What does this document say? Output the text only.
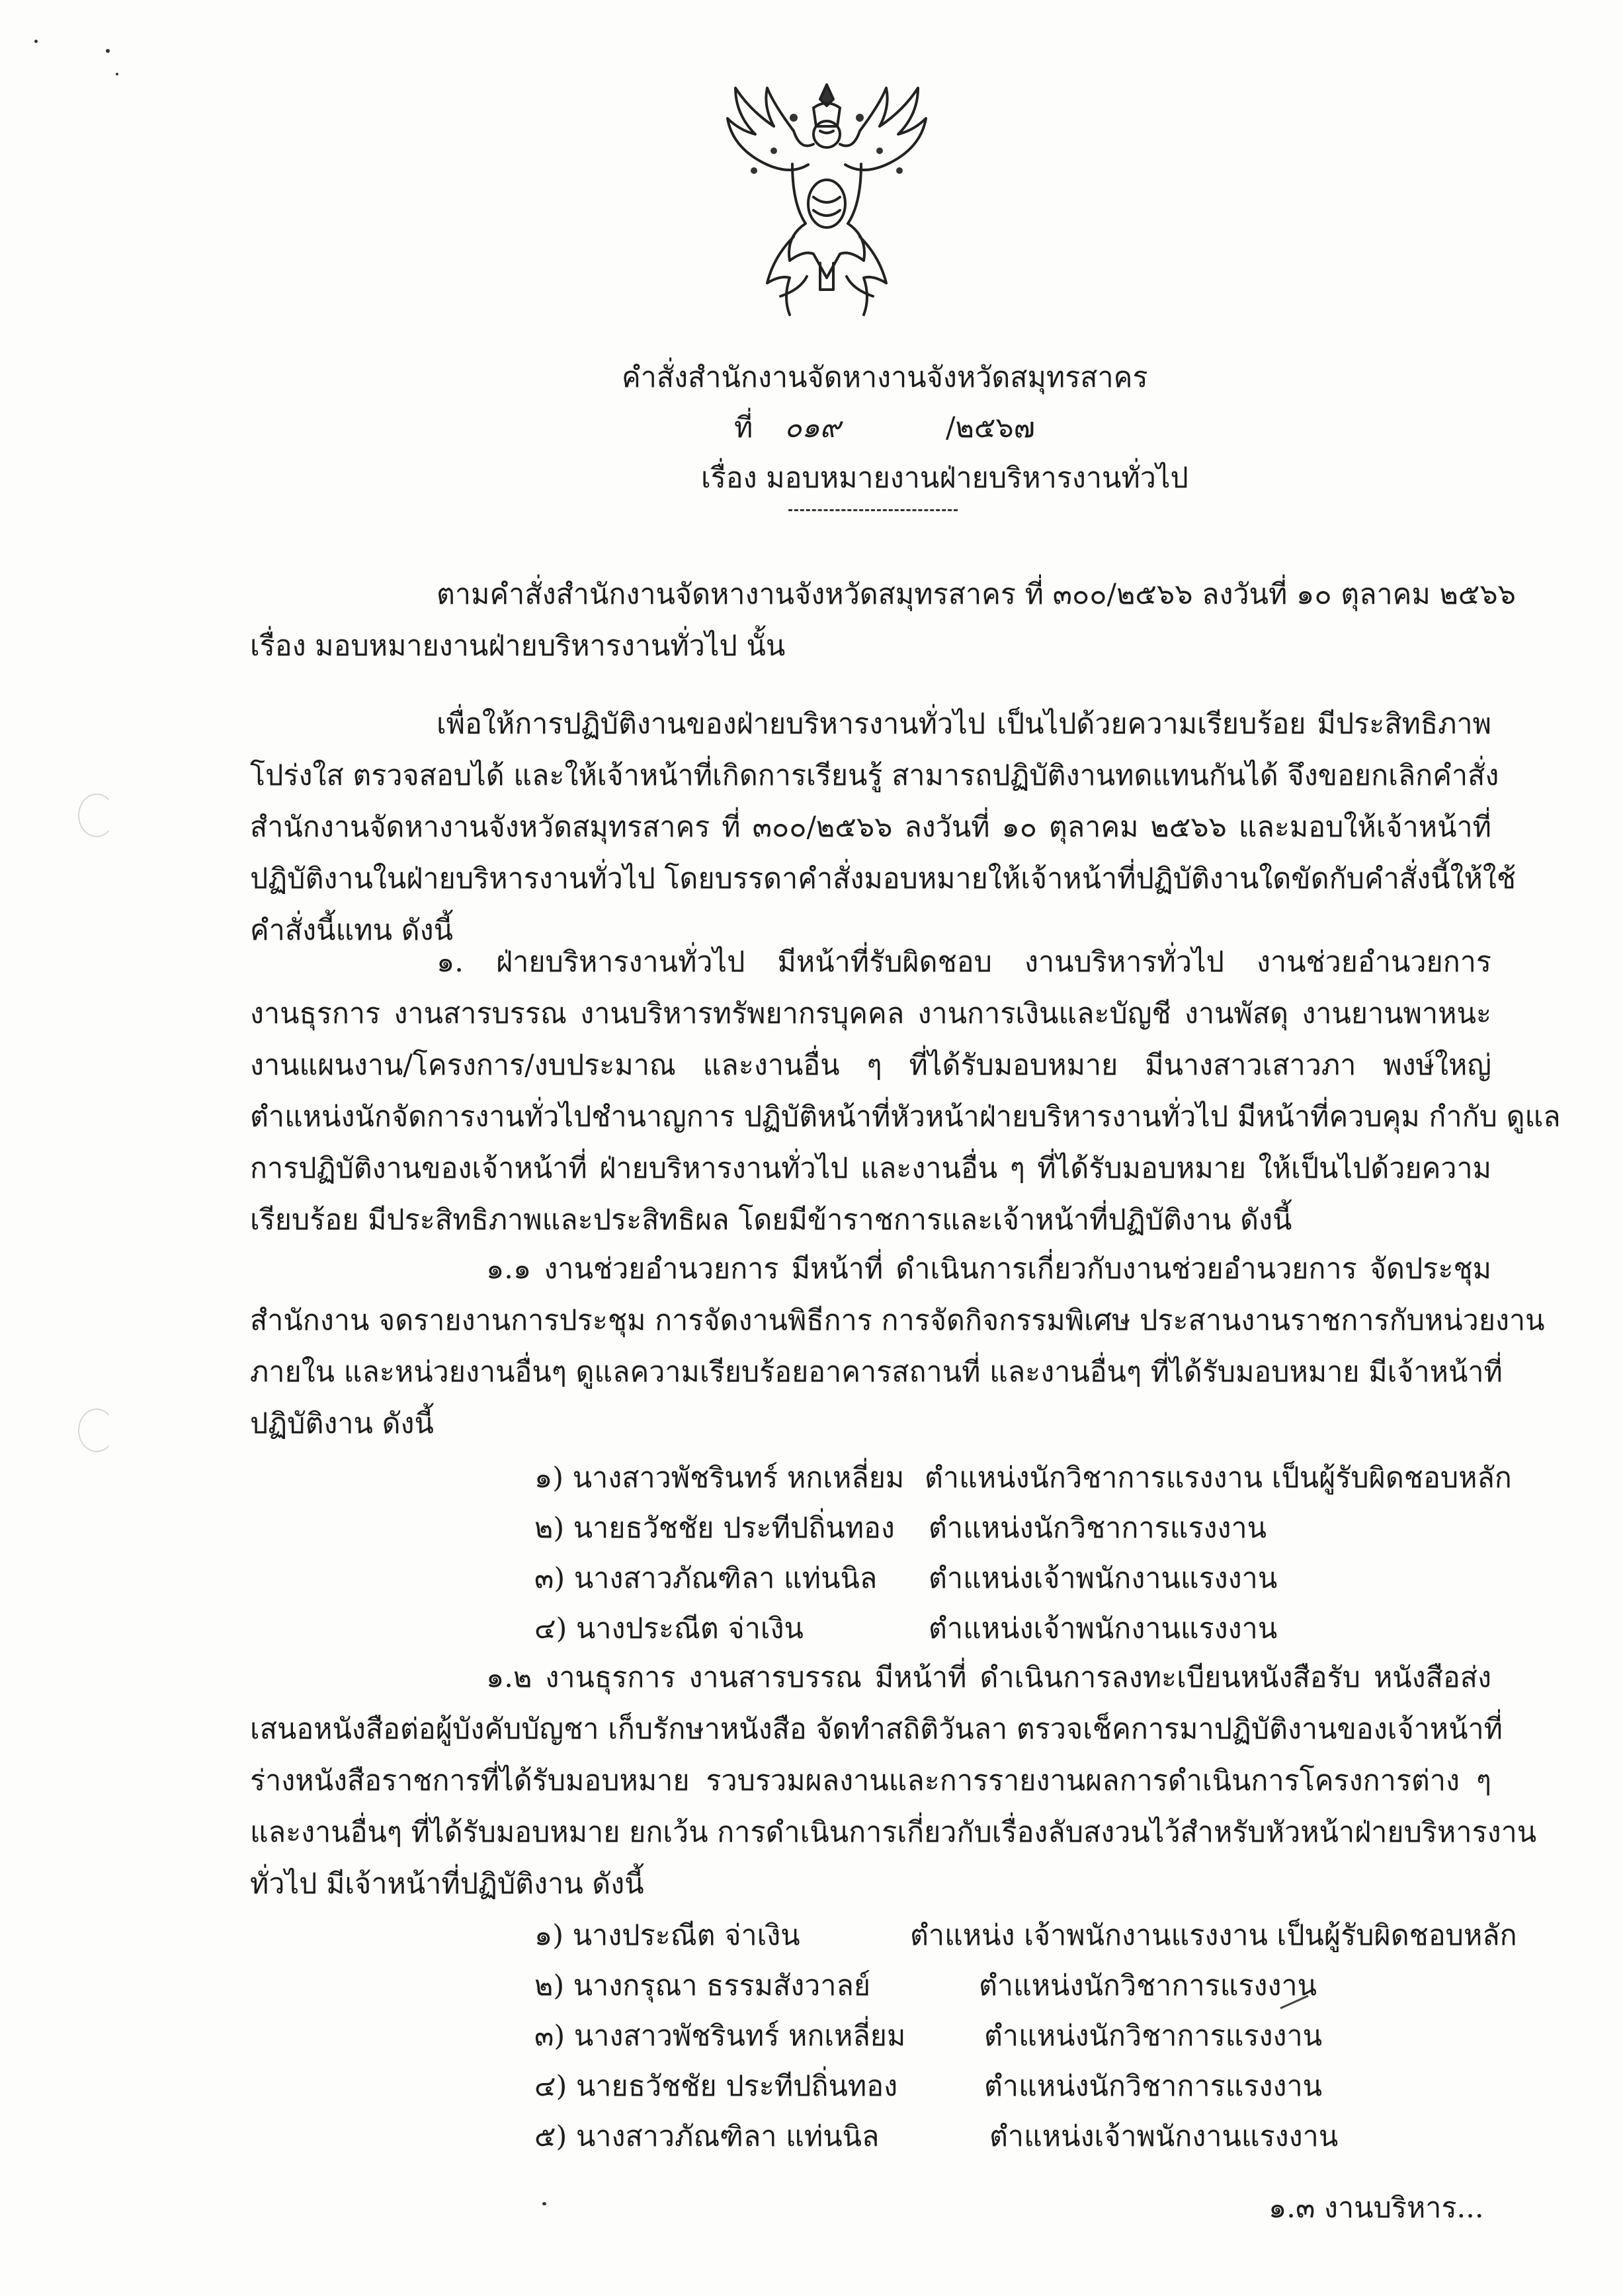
คำสั่งสำนักงานจัดหางานจังหวัดสมุทรสาคร
ที่ ๐๑๙	/๒๕๖๗
เรื่อง มอบหมายงานฝ่ายบริหารงานทั่วไป
ตามคำสั่งสำนักงานจัดหางานจังหวัดสมุทรสาคร ที่ ๓๐๐/๒๕๖๖ ลงวันที่ ๑๐ ตุลาคม ๒๕๖๖
เรื่อง มอบหมายงานฝ่ายบริหารงานทั่วไป นั้น
เพื่อให้การปฏิบัติงานของฝ่ายบริหารงานทั่วไป เป็นไปด้วยความเรียบร้อย มีประสิทธิภาพ
โปร่งใส ตรวจสอบได้ และให้เจ้าหน้าที่เกิดการเรียนรู้ สามารถปฏิบัติงานทดแทนกันได้ จึงขอยกเลิกคำสั่ง
สำนักงานจัดหางานจังหวัดสมุทรสาคร ที่ ๓๐๐/๒๕๖๖ ลงวันที่ ๑๐ ตุลาคม ๒๕๖๖ และมอบให้เจ้าหน้าที่
ปฏิบัติงานในฝ่ายบริหารงานทั่วไป โดยบรรดาคำสั่งมอบหมายให้เจ้าหน้าที่ปฏิบัติงานใดขัดกับคำสั่งนี้ให้ใช้
คำสั่งนี้แทน ดังนี้
๑. ฝ่ายบริหารงานทั่วไป มีหน้าที่รับผิดชอบ งานบริหารทั่วไป งานช่วยอำนวยการ
งานธุรการ งานสารบรรณ งานบริหารทรัพยากรบุคคล งานการเงินและบัญชี งานพัสดุ งานยานพาหนะ
งานแผนงาน/โครงการ/งบประมาณ และงานอื่น ๆ ที่ได้รับมอบหมาย มีนางสาวเสาวภา พงษ์ใหญ่
ตำแหน่งนักจัดการงานทั่วไปชำนาญการ ปฏิบัติหน้าที่หัวหน้าฝ่ายบริหารงานทั่วไป มีหน้าที่ควบคุม กำกับ ดูแล
การปฏิบัติงานของเจ้าหน้าที่ ฝ่ายบริหารงานทั่วไป และงานอื่น ๆ ที่ได้รับมอบหมาย ให้เป็นไปด้วยความ
เรียบร้อย มีประสิทธิภาพและประสิทธิผล โดยมีข้าราชการและเจ้าหน้าที่ปฏิบัติงาน ดังนี้
๑.๑ งานช่วยอำนวยการ มีหน้าที่ ดำเนินการเกี่ยวกับงานช่วยอำนวยการ จัดประชุม
สำนักงาน จดรายงานการประชุม การจัดงานพิธีการ การจัดกิจกรรมพิเศษ ประสานงานราชการกับหน่วยงาน
ภายใน และหน่วยงานอื่นๆ ดูแลความเรียบร้อยอาคารสถานที่ และงานอื่นๆ ที่ได้รับมอบหมาย มีเจ้าหน้าที่
ปฏิบัติงาน ดังนี้
๑) นางสาวพัชรินทร์ หกเหลี่ยม ตำแหน่งนักวิชาการแรงงาน เป็นผู้รับผิดชอบหลัก
๒) นายธวัชชัย ประทีปถิ่นทอง ตำแหน่งนักวิชาการแรงงาน
๓) นางสาวภัณฑิลา แท่นนิล ตำแหน่งเจ้าพนักงานแรงงาน
๔) นางประณีต จ่าเงิน	ตำแหน่งเจ้าพนักงานแรงงาน
๑.๒ งานธุรการ งานสารบรรณ มีหน้าที่ ดำเนินการลงทะเบียนหนังสือรับ หนังสือส่ง
เสนอหนังสือต่อผู้บังคับบัญชา เก็บรักษาหนังสือ จัดทำสถิติวันลา ตรวจเช็คการมาปฏิบัติงานของเจ้าหน้าที่
ร่างหนังสือราชการที่ได้รับมอบหมาย รวบรวมผลงานและการรายงานผลการดำเนินการโครงการต่าง ๆ
และงานอื่นๆ ที่ได้รับมอบหมาย ยกเว้น การดำเนินการเกี่ยวกับเรื่องลับสงวนไว้สำหรับหัวหน้าฝ่ายบริหารงาน
ทั่วไป มีเจ้าหน้าที่ปฏิบัติงาน ดังนี้
๑) นางประณีต จ่าเงิน	ตำแหน่ง เจ้าพนักงานแรงงาน เป็นผู้รับผิดชอบหลัก
๒) นางกรุณา ธรรมสังวาลย์	ตำแหน่งนักวิชาการแรงงาน
๓) นางสาวพัชรินทร์ หกเหลี่ยม	ตำแหน่งนักวิชาการแรงงาน
๔) นายธวัชชัย ประทีปถิ่นทอง	ตำแหน่งนักวิชาการแรงงาน
๕) นางสาวภัณฑิลา แท่นนิล	ตำแหน่งเจ้าพนักงานแรงงาน
๑.๓ งานบริหาร...
